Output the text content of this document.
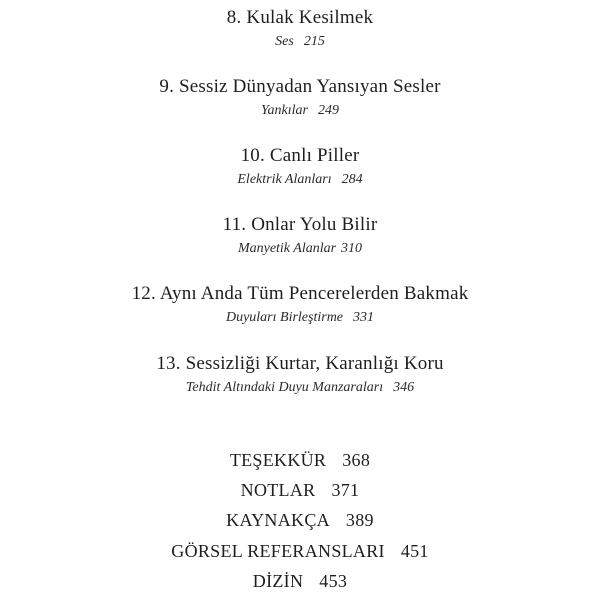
8. Kulak Kesilmek
Ses 215
9. Sessiz Dünyadan Yansıyan Sesler
Yankılar 249
10. Canlı Piller
Elektrik Alanları 284
11. Onlar Yolu Bilir
Manyetik Alanlar 310
12. Aynı Anda Tüm Pencerelerden Bakmak
Duyuları Birleştirme 331
13. Sessizliği Kurtar, Karanlığı Koru
Tehdit Altındaki Duyu Manzaraları 346
TEŞEKKÜR 368
NOTLAR 371
KAYNAKÇA 389
GÖRSEL REFERANSLARI 451
DİZİN 453
